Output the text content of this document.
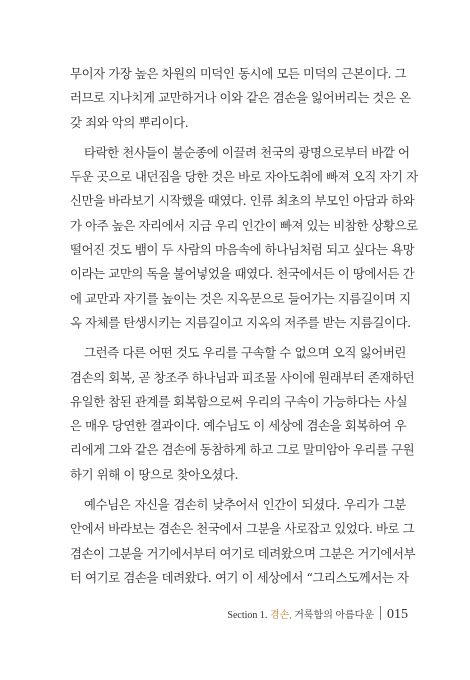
무이자 가장 높은 차원의 미덕인 동시에 모든 미덕의 근본이다. 그
러므로 지나치게 교만하거나 이와 같은 겸손을 잃어버리는 것은 온
갖 죄와 악의 뿌리이다.
타락한 천사들이 불순종에 이끌려 천국의 광명으로부터 바깥 어
두운 곳으로 내던짐을 당한 것은 바로 자아도취에 빠져 오직 자기 자
신만을 바라보기 시작했을 때였다. 인류 최초의 부모인 아담과 하와
가 아주 높은 자리에서 지금 우리 인간이 빠져 있는 비참한 상황으로
떨어진 것도 뱀이 두 사람의 마음속에 하나님처럼 되고 싶다는 욕망
이라는 교만의 독을 불어넣었을 때였다. 천국에서든 이 땅에서든 간
에 교만과 자기를 높이는 것은 지옥문으로 들어가는 지름길이며 지
옥 자체를 탄생시키는 지름길이고 지옥의 저주를 받는 지름길이다.
그런즉 다른 어떤 것도 우리를 구속할 수 없으며 오직 잃어버린
겸손의 회복, 곧 창조주 하나님과 피조물 사이에 원래부터 존재하던
유일한 참된 관계를 회복함으로써 우리의 구속이 가능하다는 사실
은 매우 당연한 결과이다. 예수님도 이 세상에 겸손을 회복하여 우
리에게 그와 같은 겸손에 동참하게 하고 그로 말미암아 우리를 구원
하기 위해 이 땅으로 찾아오셨다.
예수님은 자신을 겸손히 낮추어서 인간이 되셨다. 우리가 그분
안에서 바라보는 겸손은 천국에서 그분을 사로잡고 있었다. 바로 그
겸손이 그분을 거기에서부터 여기로 데려왔으며 그분은 거기에서부
터 여기로 겸손을 데려왔다. 여기 이 세상에서 “그리스도께서는 자
Section 1.
겸손,
거룩함의 아름다운 015
